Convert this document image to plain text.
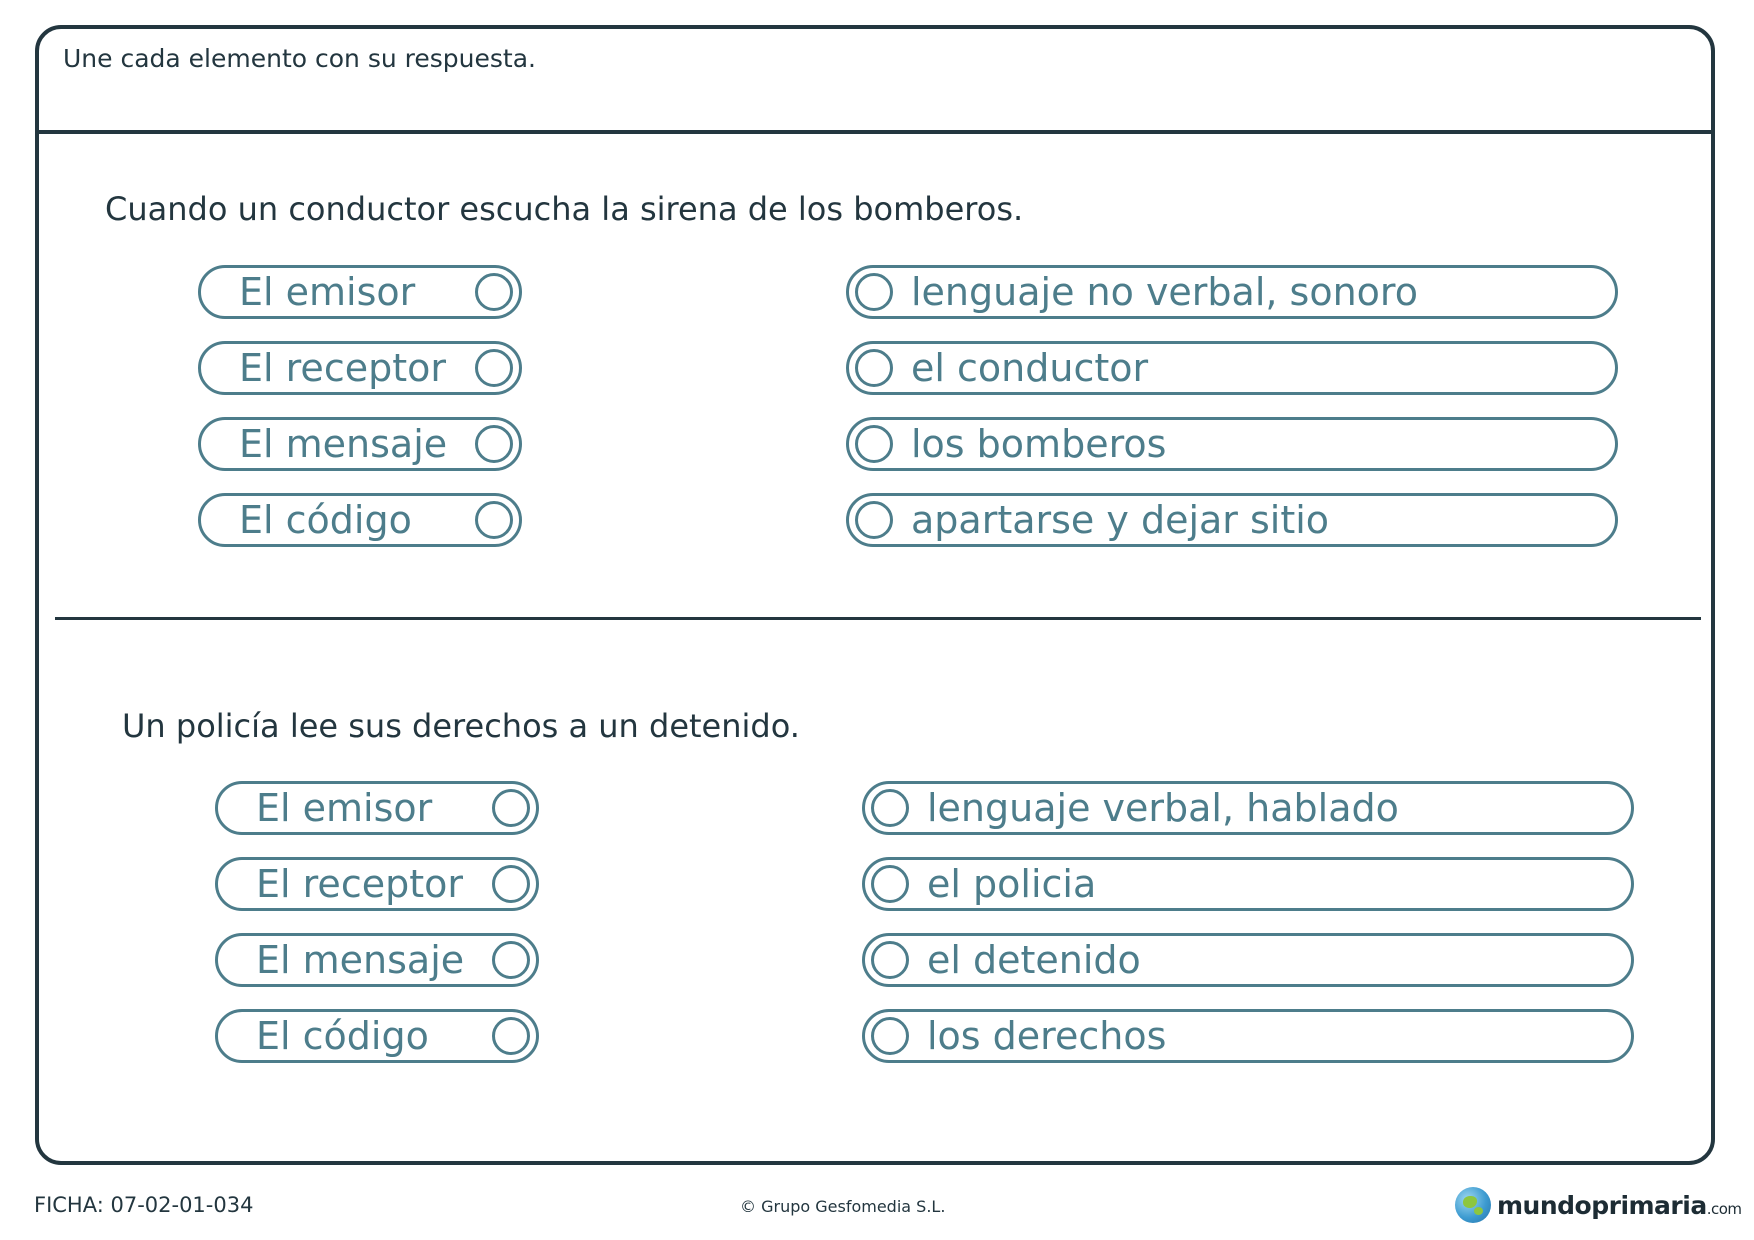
Une cada elemento con su respuesta.
Cuando un conductor escucha la sirena de los bomberos.
El emisor
El receptor
El mensaje
El código
lenguaje no verbal, sonoro
el conductor
los bomberos
apartarse y dejar sitio
Un policía lee sus derechos a un detenido.
El emisor
El receptor
El mensaje
El código
lenguaje verbal, hablado
el policia
el detenido
los derechos
FICHA: 07-02-01-034	© Grupo Gesfomedia S.L.	mundoprimaria.com
